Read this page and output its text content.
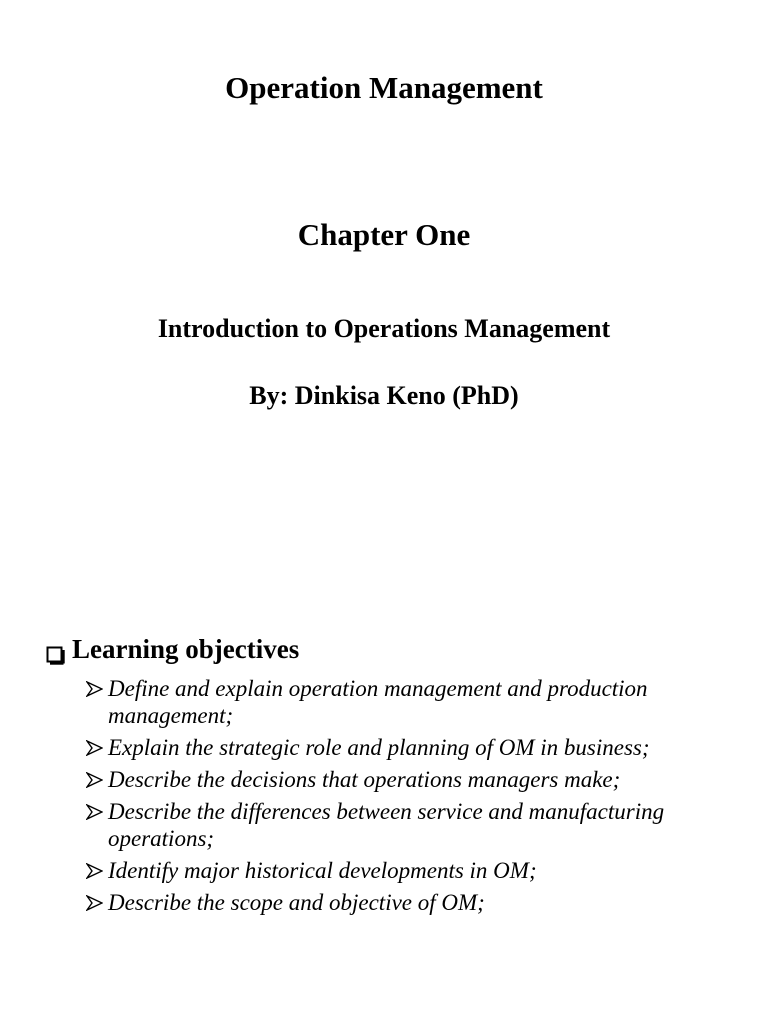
Operation Management
Chapter One
Introduction to Operations Management
By: Dinkisa Keno (PhD)
Learning objectives
Define and explain operation management and production management;
Explain the strategic role and planning of OM in business;
Describe the decisions that operations managers make;
Describe the differences between service and manufacturing operations;
Identify major historical developments in OM;
Describe the scope and objective of OM;
